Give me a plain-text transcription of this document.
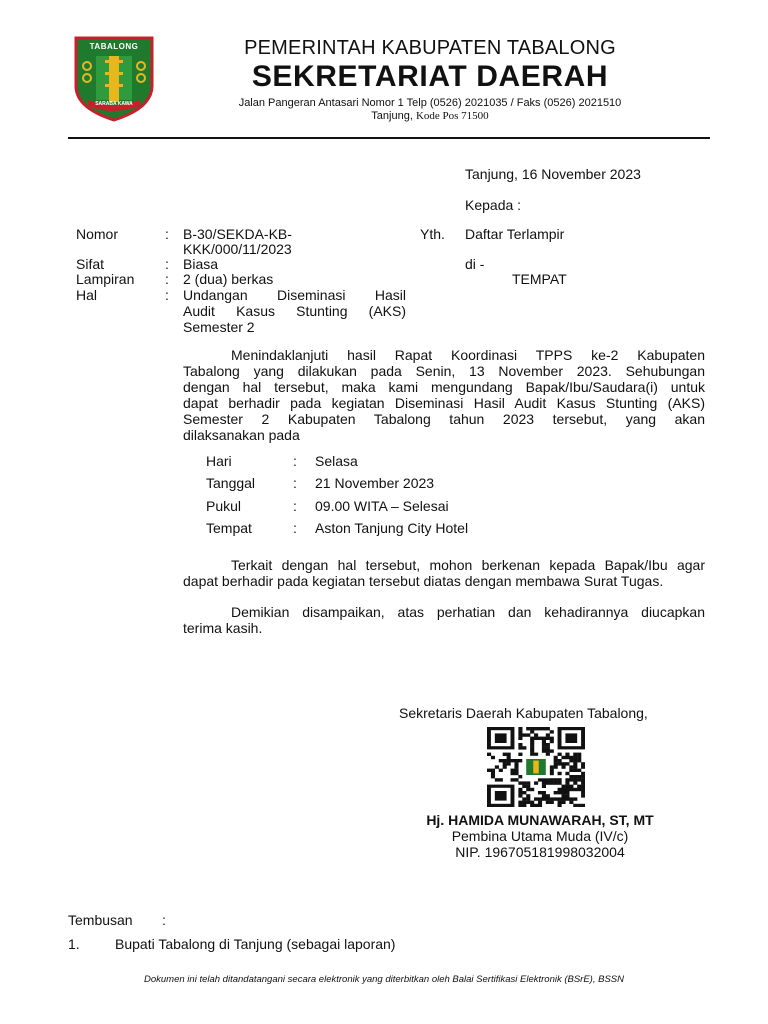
TABALONG
SARABA KAWA
PEMERINTAH KABUPATEN TABALONG
SEKRETARIAT DAERAH
Jalan Pangeran Antasari Nomor 1 Telp (0526) 2021035 / Faks (0526) 2021510
Tanjung, Kode Pos 71500
Tanjung, 16 November 2023
Kepada :
Yth. Daftar Terlampir
di -
TEMPAT
Nomor	: B-30/SEKDA-KB-
KKK/000/11/2023
Sifat	: Biasa
Lampiran : 2 (dua) berkas
Hal	: Undangan Diseminasi Hasil
Audit Kasus Stunting (AKS)
Semester 2
Menindaklanjuti hasil Rapat Koordinasi TPPS ke-2 Kabupaten
Tabalong yang dilakukan pada Senin, 13 November 2023. Sehubungan
dengan hal tersebut, maka kami mengundang Bapak/Ibu/Saudara(i) untuk
dapat berhadir pada kegiatan Diseminasi Hasil Audit Kasus Stunting (AKS)
Semester 2 Kabupaten Tabalong tahun 2023 tersebut, yang akan
dilaksanakan pada
Hari	: Selasa
Tanggal	: 21 November 2023
Pukul	: 09.00 WITA – Selesai
Tempat	: Aston Tanjung City Hotel
Terkait dengan hal tersebut, mohon berkenan kepada Bapak/Ibu agar
dapat berhadir pada kegiatan tersebut diatas dengan membawa Surat Tugas.
Demikian disampaikan, atas perhatian dan kehadirannya diucapkan
terima kasih.
Sekretaris Daerah Kabupaten Tabalong,
Hj. HAMIDA MUNAWARAH, ST, MT
Pembina Utama Muda (IV/c)
NIP. 196705181998032004
Tembusan :
1.	Bupati Tabalong di Tanjung (sebagai laporan)
Dokumen ini telah ditandatangani secara elektronik yang diterbitkan oleh Balai Sertifikasi Elektronik (BSrE), BSSN
